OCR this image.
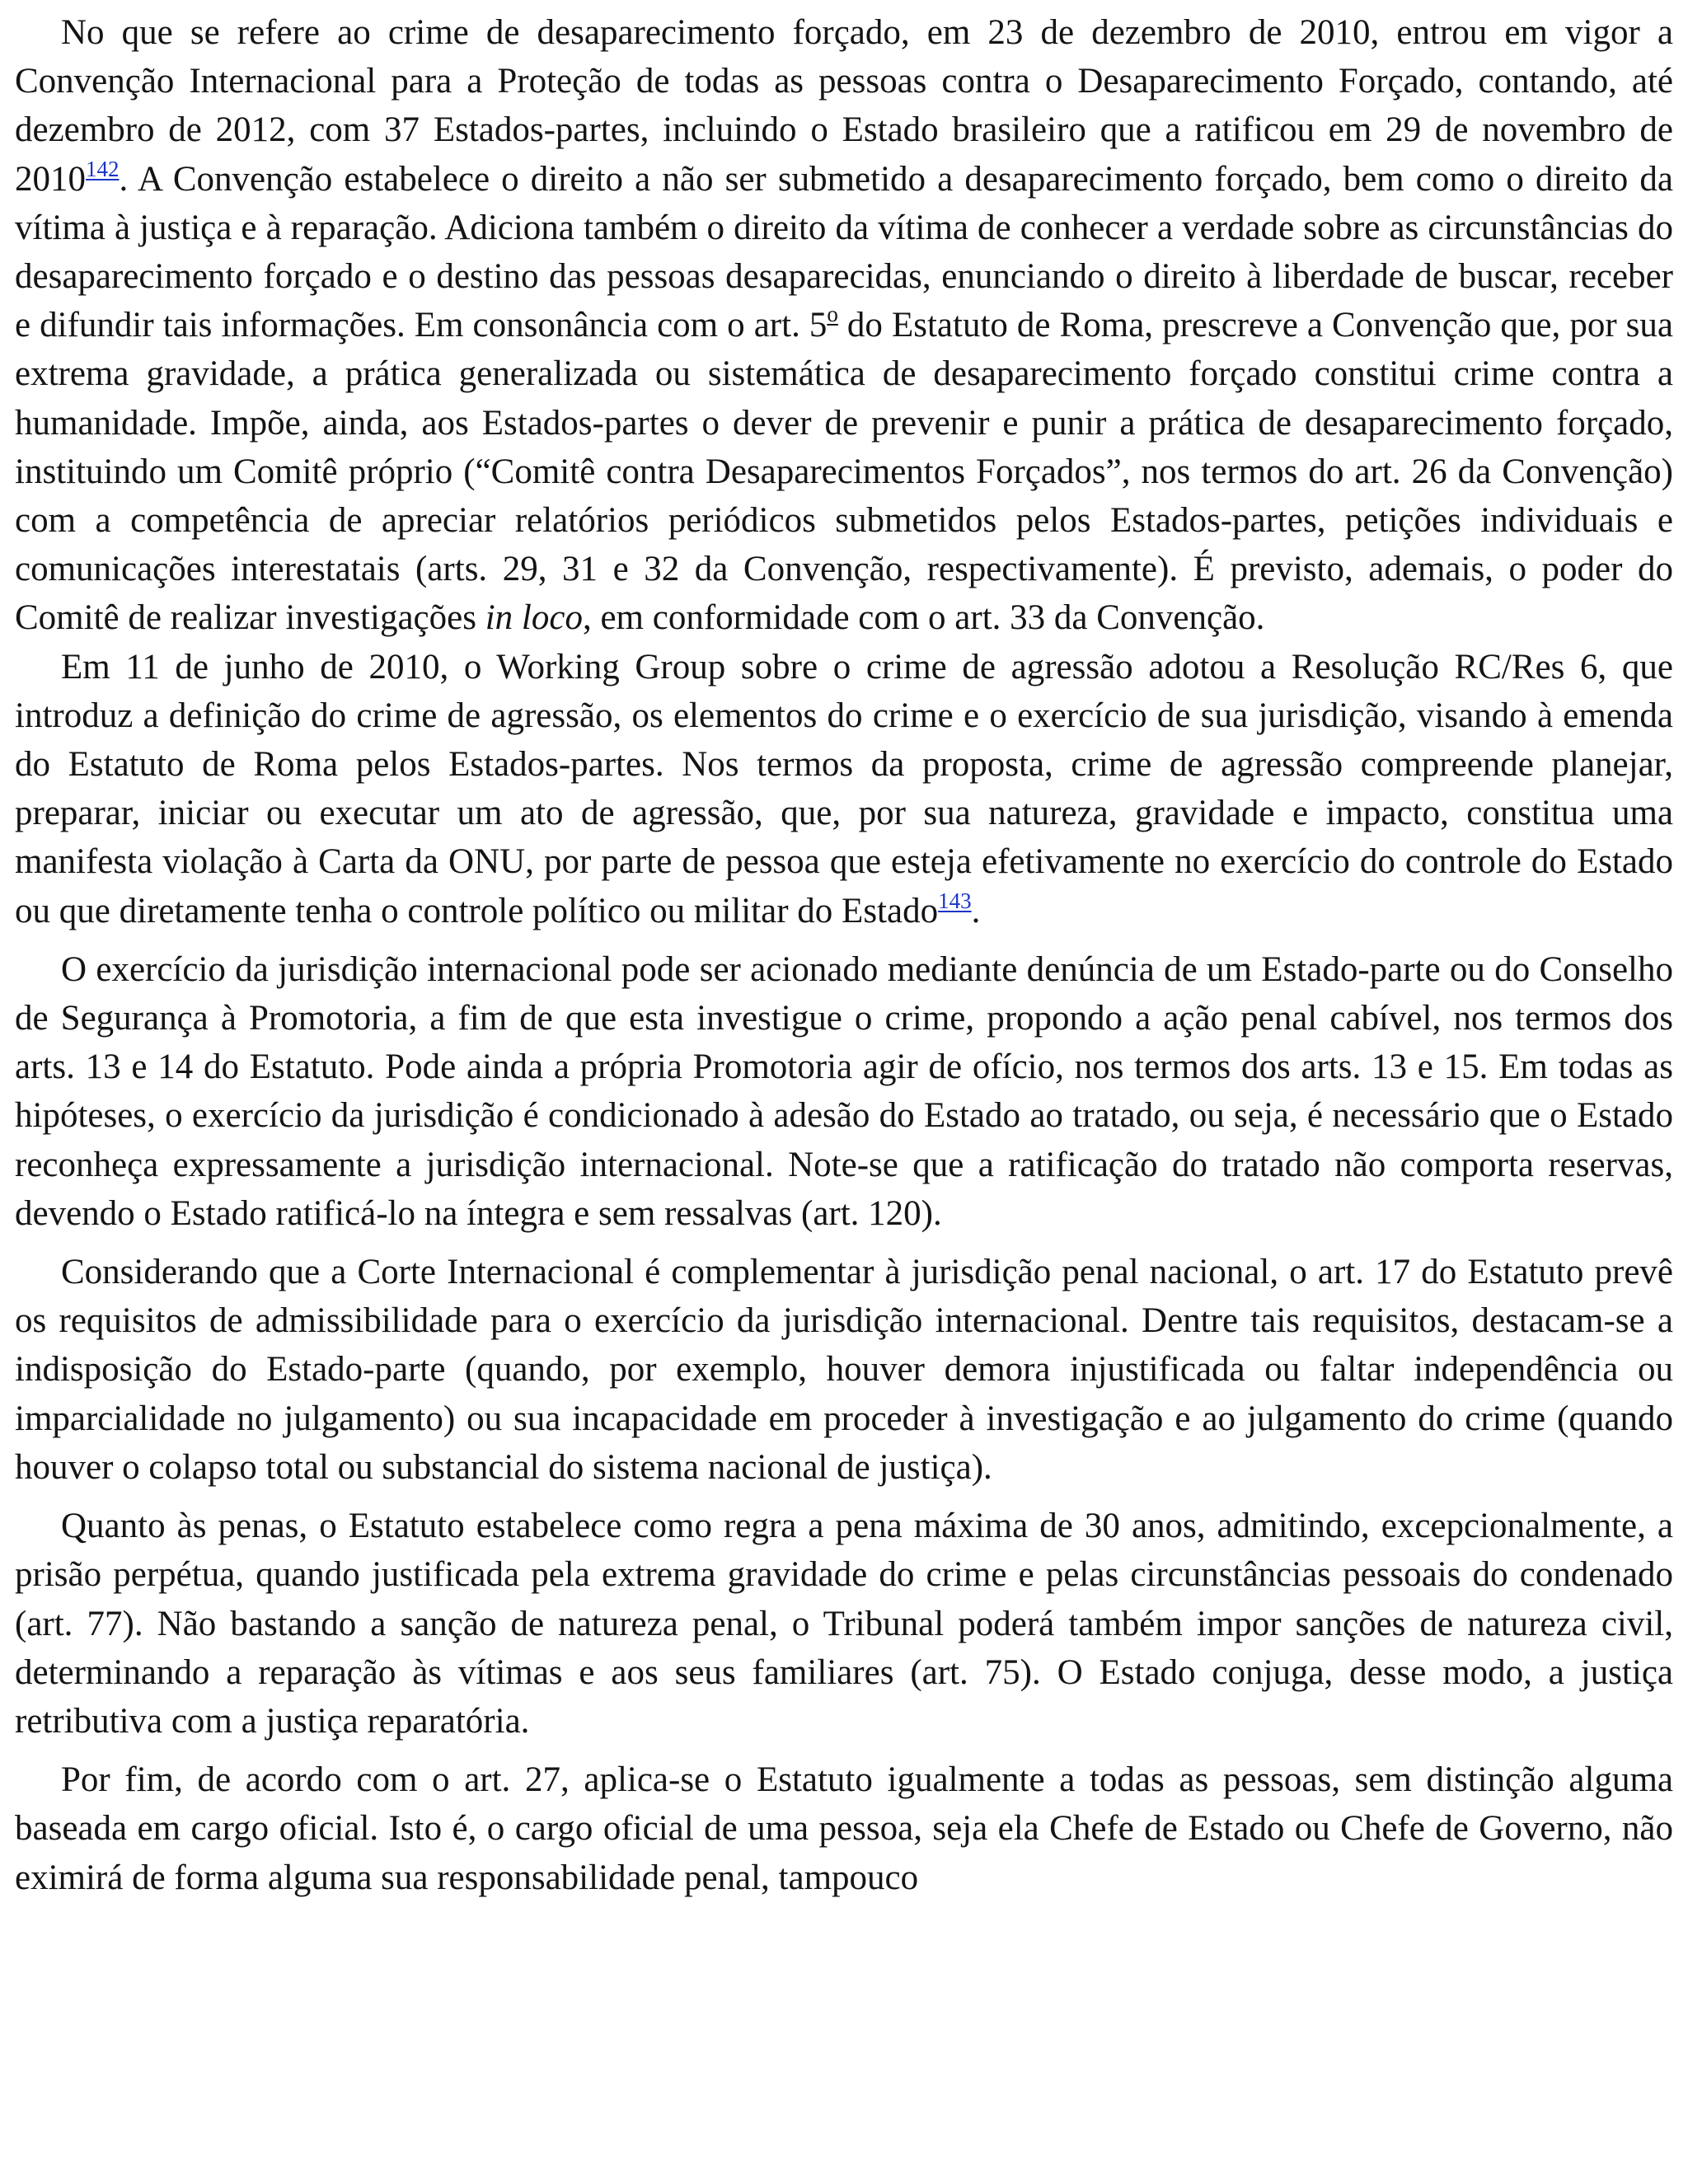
No que se refere ao crime de desaparecimento forçado, em 23 de dezembro de 2010, entrou em vigor a Convenção Internacional para a Proteção de todas as pessoas contra o Desaparecimento Forçado, contando, até dezembro de 2012, com 37 Estados-partes, incluindo o Estado brasileiro que a ratificou em 29 de novembro de 2010$^{142}$. A Convenção estabelece o direito a não ser submetido a desaparecimento forçado, bem como o direito da vítima à justiça e à reparação. Adiciona também o direito da vítima de conhecer a verdade sobre as circunstâncias do desaparecimento forçado e o destino das pessoas desaparecidas, enunciando o direito à liberdade de buscar, receber e difundir tais informações. Em consonância com o art. 5$^o$ do Estatuto de Roma, prescreve a Convenção que, por sua extrema gravidade, a prática generalizada ou sistemática de desaparecimento forçado constitui crime contra a humanidade. Impõe, ainda, aos Estados-partes o dever de prevenir e punir a prática de desaparecimento forçado, instituindo um Comitê próprio (“Comitê contra Desaparecimentos Forçados”, nos termos do art. 26 da Convenção) com a competência de apreciar relatórios periódicos submetidos pelos Estados-partes, petições individuais e comunicações interestatais (arts. 29, 31 e 32 da Convenção, respectivamente). É previsto, ademais, o poder do Comitê de realizar investigações in loco, em conformidade com o art. 33 da Convenção.

Em 11 de junho de 2010, o Working Group sobre o crime de agressão adotou a Resolução RC/Res 6, que introduz a definição do crime de agressão, os elementos do crime e o exercício de sua jurisdição, visando à emenda do Estatuto de Roma pelos Estados-partes. Nos termos da proposta, crime de agressão compreende planejar, preparar, iniciar ou executar um ato de agressão, que, por sua natureza, gravidade e impacto, constitua uma manifesta violação à Carta da ONU, por parte de pessoa que esteja efetivamente no exercício do controle do Estado ou que diretamente tenha o controle político ou militar do Estado$^{143}$.

O exercício da jurisdição internacional pode ser acionado mediante denúncia de um Estado-parte ou do Conselho de Segurança à Promotoria, a fim de que esta investigue o crime, propondo a ação penal cabível, nos termos dos arts. 13 e 14 do Estatuto. Pode ainda a própria Promotoria agir de ofício, nos termos dos arts. 13 e 15. Em todas as hipóteses, o exercício da jurisdição é condicionado à adesão do Estado ao tratado, ou seja, é necessário que o Estado reconheça expressamente a jurisdição internacional. Note-se que a ratificação do tratado não comporta reservas, devendo o Estado ratificá-lo na íntegra e sem ressalvas (art. 120).

Considerando que a Corte Internacional é complementar à jurisdição penal nacional, o art. 17 do Estatuto prevê os requisitos de admissibilidade para o exercício da jurisdição internacional. Dentre tais requisitos, destacam-se a indisposição do Estado-parte (quando, por exemplo, houver demora injustificada ou faltar independência ou imparcialidade no julgamento) ou sua incapacidade em proceder à investigação e ao julgamento do crime (quando houver o colapso total ou substancial do sistema nacional de justiça).

Quanto às penas, o Estatuto estabelece como regra a pena máxima de 30 anos, admitindo, excepcionalmente, a prisão perpétua, quando justificada pela extrema gravidade do crime e pelas circunstâncias pessoais do condenado (art. 77). Não bastando a sanção de natureza penal, o Tribunal poderá também impor sanções de natureza civil, determinando a reparação às vítimas e aos seus familiares (art. 75). O Estado conjuga, desse modo, a justiça retributiva com a justiça reparatória.

Por fim, de acordo com o art. 27, aplica-se o Estatuto igualmente a todas as pessoas, sem distinção alguma baseada em cargo oficial. Isto é, o cargo oficial de uma pessoa, seja ela Chefe de Estado ou Chefe de Governo, não eximirá de forma alguma sua responsabilidade penal, tampouco
